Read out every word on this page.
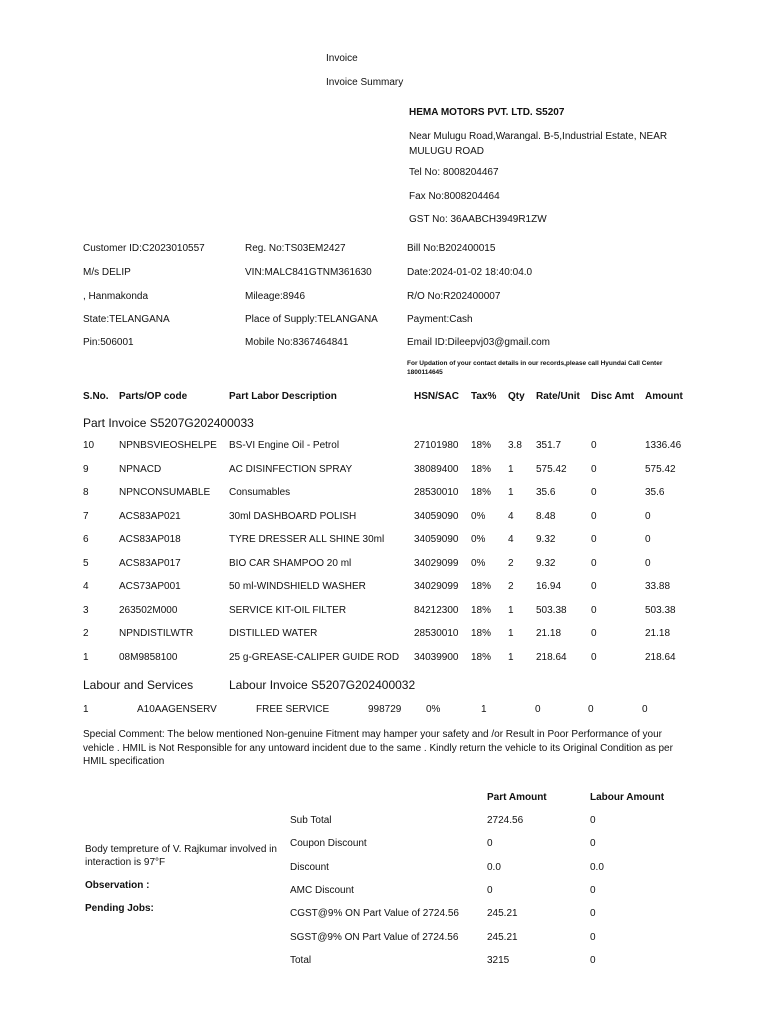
Invoice
Invoice Summary
HEMA MOTORS PVT. LTD. S5207
Near Mulugu Road,Warangal. B-5,Industrial Estate, NEAR MULUGU ROAD
Tel No: 8008204467
Fax No:8008204464
GST No: 36AABCH3949R1ZW
Customer ID:C2023010557	Reg. No:TS03EM2427	Bill No:B202400015
M/s DELIP	VIN:MALC841GTNM361630	Date:2024-01-02 18:40:04.0
, Hanmakonda	Mileage:8946	R/O No:R202400007
State:TELANGANA	Place of Supply:TELANGANA	Payment:Cash
Pin:506001	Mobile No:8367464841	Email ID:Dileepvj03@gmail.com
For Updation of your contact details in our records,please call Hyundai Call Center 1800114645
S.No. Parts/OP code	Part Labor Description	HSN/SAC Tax% Qty Rate/Unit Disc Amt Amount
Part Invoice S5207G202400033
10 NPNBSVIEOSHELPE BS-VI Engine Oil - Petrol	27101980 18% 3.8 351.7	0	1336.46
9	NPNACD	AC DISINFECTION SPRAY	38089400 18% 1 575.42 0	575.42
8	NPNCONSUMABLE Consumables	28530010 18% 1 35.6	0	35.6
7	ACS83AP021	30ml DASHBOARD POLISH	34059090 0% 4 8.48	0	0
6	ACS83AP018	TYRE DRESSER ALL SHINE 30ml	34059090 0% 4 9.32	0	0
5	ACS83AP017	BIO CAR SHAMPOO 20 ml	34029099 0% 2 9.32	0	0
4	ACS73AP001	50 ml-WINDSHIELD WASHER	34029099 18% 2 16.94	0	33.88
3	263502M000	SERVICE KIT-OIL FILTER	84212300 18% 1 503.38 0	503.38
2	NPNDISTILWTR	DISTILLED WATER	28530010 18% 1 21.18	0	21.18
1	08M9858100	25 g-GREASE-CALIPER GUIDE ROD 34039900 18% 1 218.64 0	218.64
Labour and Services	Labour Invoice S5207G202400032
1	A10AAGENSERV	FREE SERVICE	998729 0%	1	0	0	0
Special Comment: The below mentioned Non-genuine Fitment may hamper your safety and /or Result in Poor Performance of your vehicle . HMIL is Not Responsible for any untoward incident due to the same . Kindly return the vehicle to its Original Condition as per HMIL specification
Part Amount	Labour Amount
Sub Total	2724.56	0
Coupon Discount	0	0
Discount	0.0	0.0
AMC Discount	0	0
CGST@9% ON Part Value of 2724.56	245.21	0
SGST@9% ON Part Value of 2724.56	245.21	0
Total	3215	0
Body tempreture of V. Rajkumar involved in interaction is 97°F
Observation :
Pending Jobs:
